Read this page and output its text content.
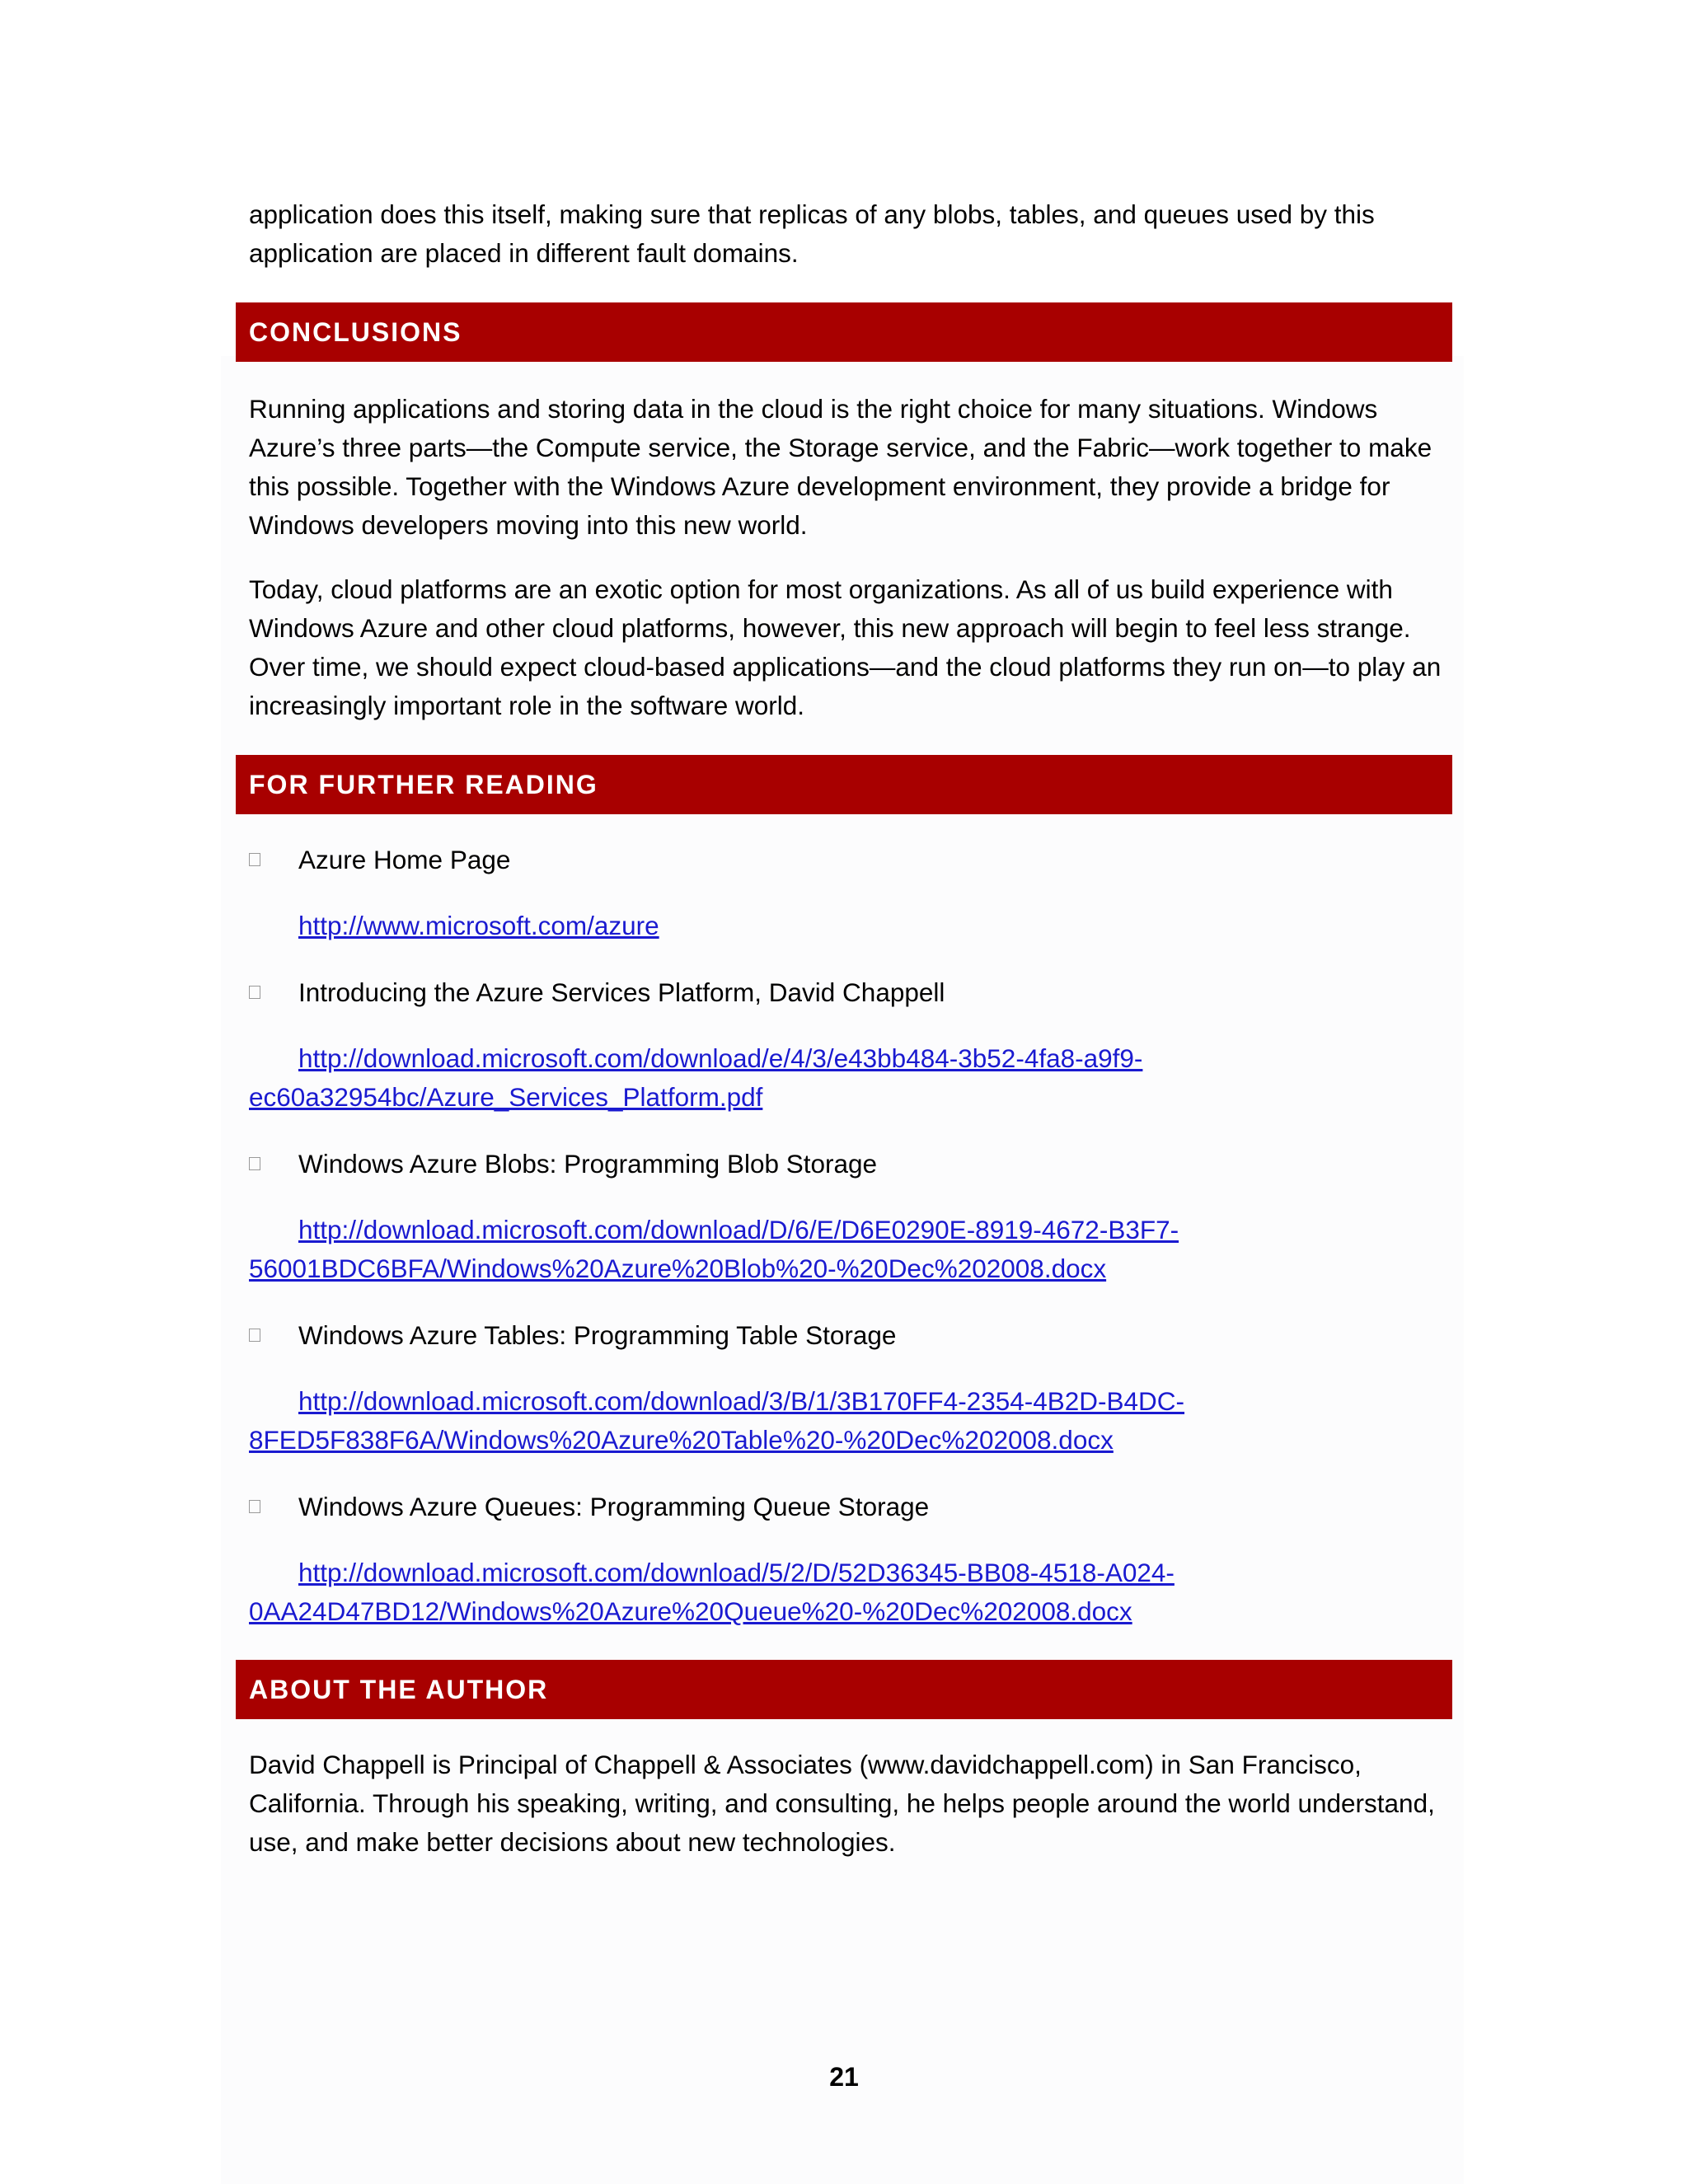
application does this itself, making sure that replicas of any blobs, tables, and queues used by this application are placed in different fault domains.

CONCLUSIONS

Running applications and storing data in the cloud is the right choice for many situations. Windows Azure’s three parts—the Compute service, the Storage service, and the Fabric—work together to make this possible. Together with the Windows Azure development environment, they provide a bridge for Windows developers moving into this new world.

Today, cloud platforms are an exotic option for most organizations. As all of us build experience with Windows Azure and other cloud platforms, however, this new approach will begin to feel less strange. Over time, we should expect cloud-based applications—and the cloud platforms they run on—to play an increasingly important role in the software world.

FOR FURTHER READING
Azure Home Page
http://www.microsoft.com/azure
Introducing the Azure Services Platform, David Chappell
http://download.microsoft.com/download/e/4/3/e43bb484-3b52-4fa8-a9f9-
ec60a32954bc/Azure_Services_Platform.pdf
Windows Azure Blobs: Programming Blob Storage
http://download.microsoft.com/download/D/6/E/D6E0290E-8919-4672-B3F7-
56001BDC6BFA/Windows%20Azure%20Blob%20-%20Dec%202008.docx
Windows Azure Tables: Programming Table Storage
http://download.microsoft.com/download/3/B/1/3B170FF4-2354-4B2D-B4DC-
8FED5F838F6A/Windows%20Azure%20Table%20-%20Dec%202008.docx
Windows Azure Queues: Programming Queue Storage
http://download.microsoft.com/download/5/2/D/52D36345-BB08-4518-A024-
0AA24D47BD12/Windows%20Azure%20Queue%20-%20Dec%202008.docx
ABOUT THE AUTHOR

David Chappell is Principal of Chappell & Associates (www.davidchappell.com) in San Francisco, California. Through his speaking, writing, and consulting, he helps people around the world understand, use, and make better decisions about new technologies.

21
